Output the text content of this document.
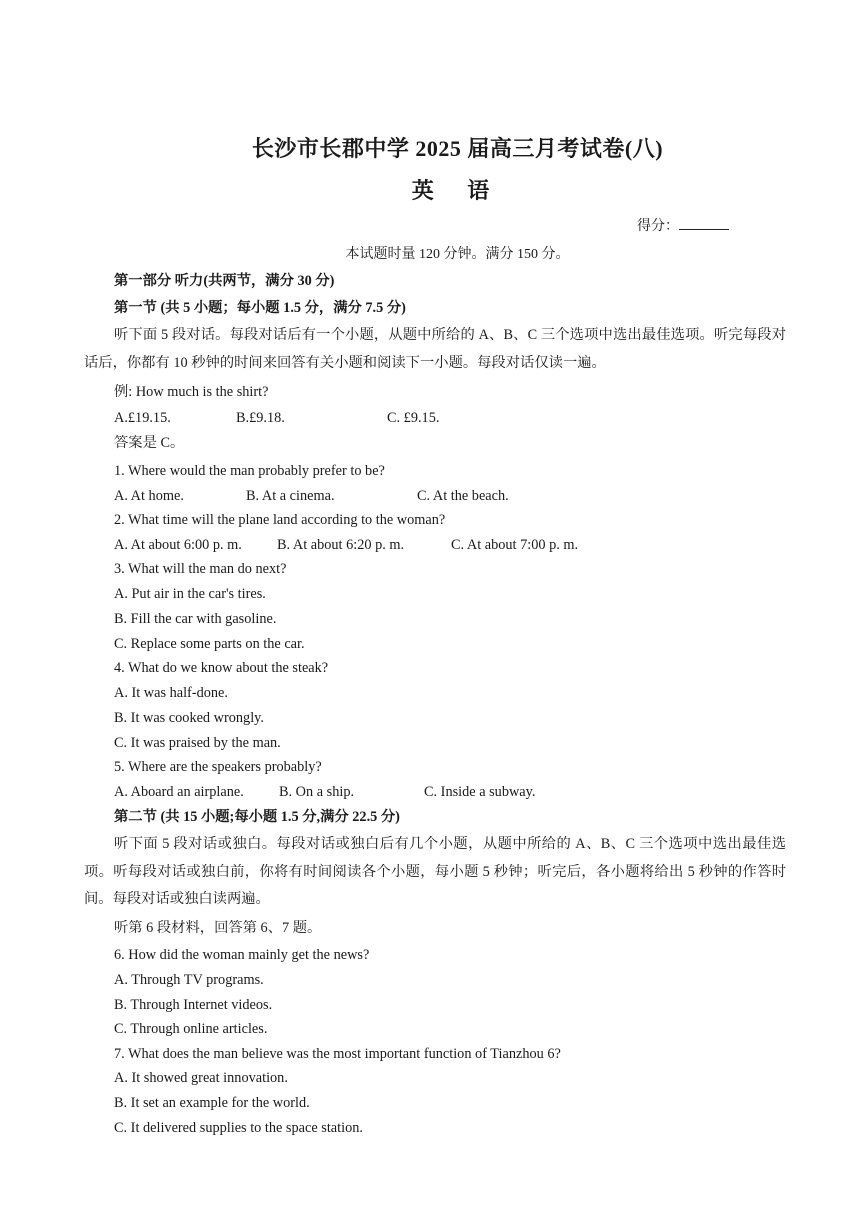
长沙市长郡中学 2025 届高三月考试卷(八)
英 语
得分：
本试题时量 120 分钟。满分 150 分。
第一部分 听力(共两节，满分 30 分)
第一节 (共 5 小题；每小题 1.5 分，满分 7.5 分)
听下面 5 段对话。每段对话后有一个小题，从题中所给的 A、B、C 三个选项中选出最佳选项。听完每段对话后，你都有 10 秒钟的时间来回答有关小题和阅读下一小题。每段对话仅读一遍。
例: How much is the shirt?
A.£19.15.	B.£9.18.	C. £9.15.
答案是 C。
1. Where would the man probably prefer to be?
A. At home.	B. At a cinema.	C. At the beach.
2. What time will the plane land according to the woman?
A. At about 6:00 p. m. B. At about 6:20 p. m.	C. At about 7:00 p. m.
3. What will the man do next?
A. Put air in the car's tires.
B. Fill the car with gasoline.
C. Replace some parts on the car.
4. What do we know about the steak?
A. It was half-done.
B. It was cooked wrongly.
C. It was praised by the man.
5. Where are the speakers probably?
A. Aboard an airplane. B. On a ship.	C. Inside a subway.
第二节 (共 15 小题;每小题 1.5 分,满分 22.5 分)
听下面 5 段对话或独白。每段对话或独白后有几个小题，从题中所给的 A、B、C 三个选项中选出最佳选项。听每段对话或独白前，你将有时间阅读各个小题，每小题 5 秒钟；听完后，各小题将给出 5 秒钟的作答时间。每段对话或独白读两遍。
听第 6 段材料，回答第 6、7 题。
6. How did the woman mainly get the news?
A. Through TV programs.
B. Through Internet videos.
C. Through online articles.
7. What does the man believe was the most important function of Tianzhou 6?
A. It showed great innovation.
B. It set an example for the world.
C. It delivered supplies to the space station.
